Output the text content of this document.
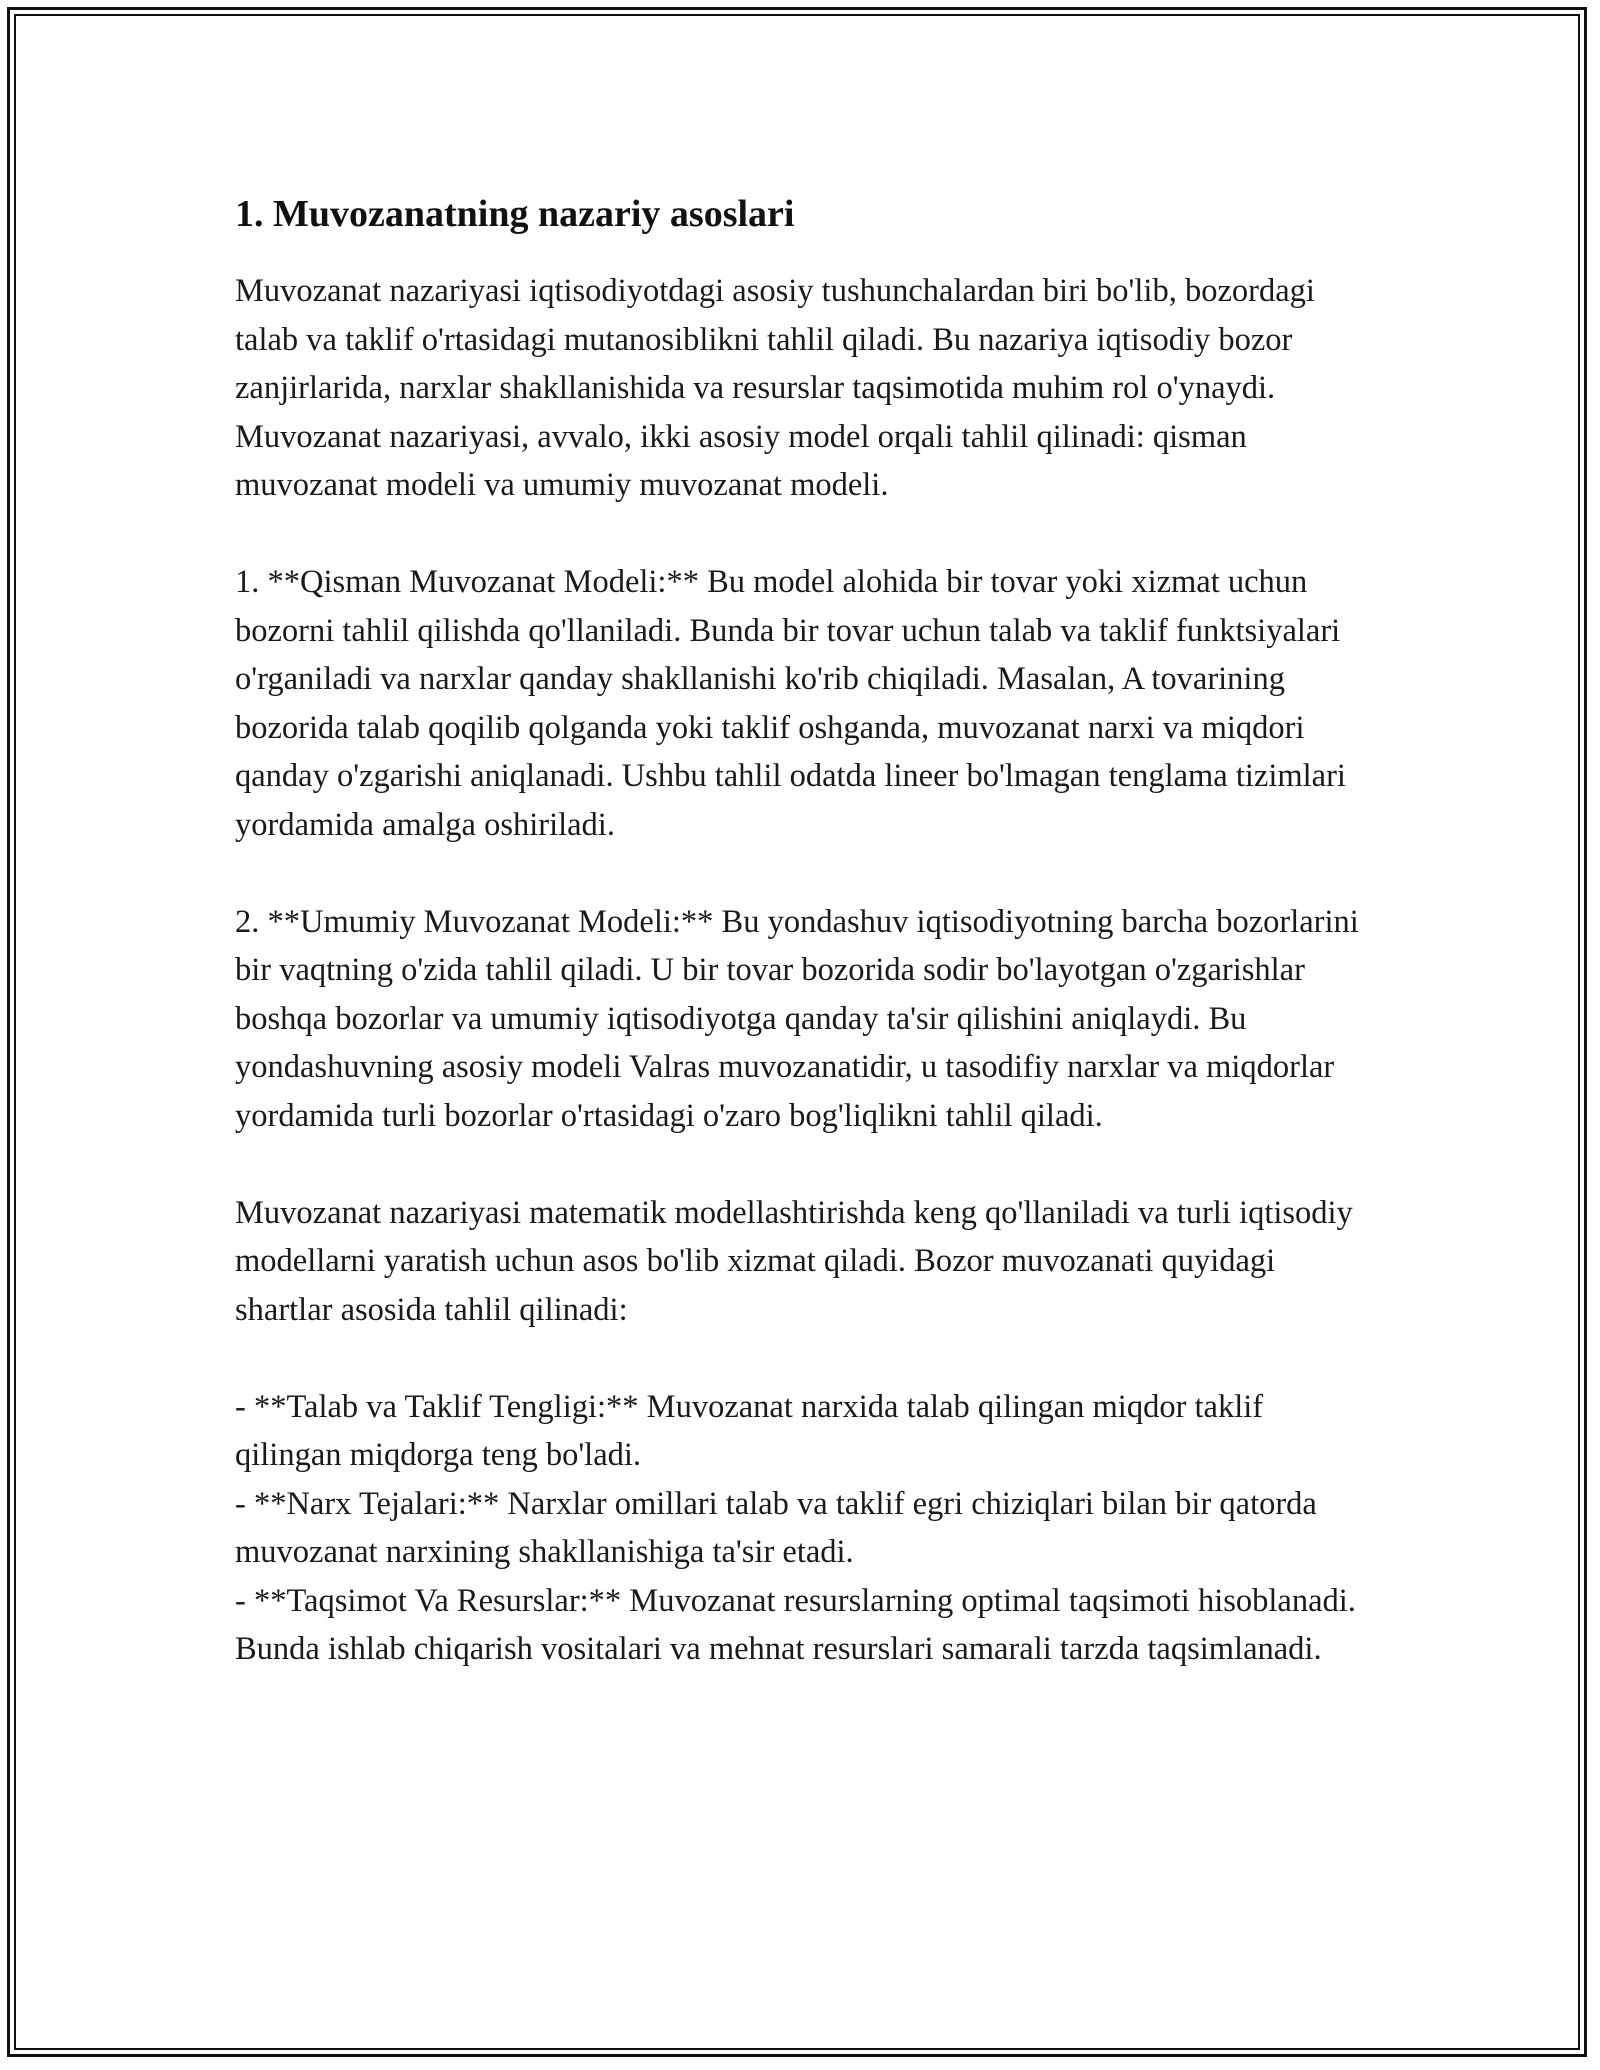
1. Muvozanatning nazariy asoslari

Muvozanat nazariyasi iqtisodiyotdagi asosiy tushunchalardan biri bo'lib, bozordagi talab va taklif o'rtasidagi mutanosiblikni tahlil qiladi. Bu nazariya iqtisodiy bozor zanjirlarida, narxlar shakllanishida va resurslar taqsimotida muhim rol o'ynaydi. Muvozanat nazariyasi, avvalo, ikki asosiy model orqali tahlil qilinadi: qisman muvozanat modeli va umumiy muvozanat modeli.

1. **Qisman Muvozanat Modeli:** Bu model alohida bir tovar yoki xizmat uchun bozorni tahlil qilishda qo'llaniladi. Bunda bir tovar uchun talab va taklif funktsiyalari o'rganiladi va narxlar qanday shakllanishi ko'rib chiqiladi. Masalan, A tovarining bozorida talab qoqilib qolganda yoki taklif oshganda, muvozanat narxi va miqdori qanday o'zgarishi aniqlanadi. Ushbu tahlil odatda lineer bo'lmagan tenglama tizimlari yordamida amalga oshiriladi.

2. **Umumiy Muvozanat Modeli:** Bu yondashuv iqtisodiyotning barcha bozorlarini bir vaqtning o'zida tahlil qiladi. U bir tovar bozorida sodir bo'layotgan o'zgarishlar boshqa bozorlar va umumiy iqtisodiyotga qanday ta'sir qilishini aniqlaydi. Bu yondashuvning asosiy modeli Valras muvozanatidir, u tasodifiy narxlar va miqdorlar yordamida turli bozorlar o'rtasidagi o'zaro bog'liqlikni tahlil qiladi.

Muvozanat nazariyasi matematik modellashtirishda keng qo'llaniladi va turli iqtisodiy modellarni yaratish uchun asos bo'lib xizmat qiladi. Bozor muvozanati quyidagi shartlar asosida tahlil qilinadi:

- **Talab va Taklif Tengligi:** Muvozanat narxida talab qilingan miqdor taklif qilingan miqdorga teng bo'ladi.

- **Narx Tejalari:** Narxlar omillari talab va taklif egri chiziqlari bilan bir qatorda muvozanat narxining shakllanishiga ta'sir etadi.

- **Taqsimot Va Resurslar:** Muvozanat resurslarning optimal taqsimoti hisoblanadi. Bunda ishlab chiqarish vositalari va mehnat resurslari samarali tarzda taqsimlanadi.
